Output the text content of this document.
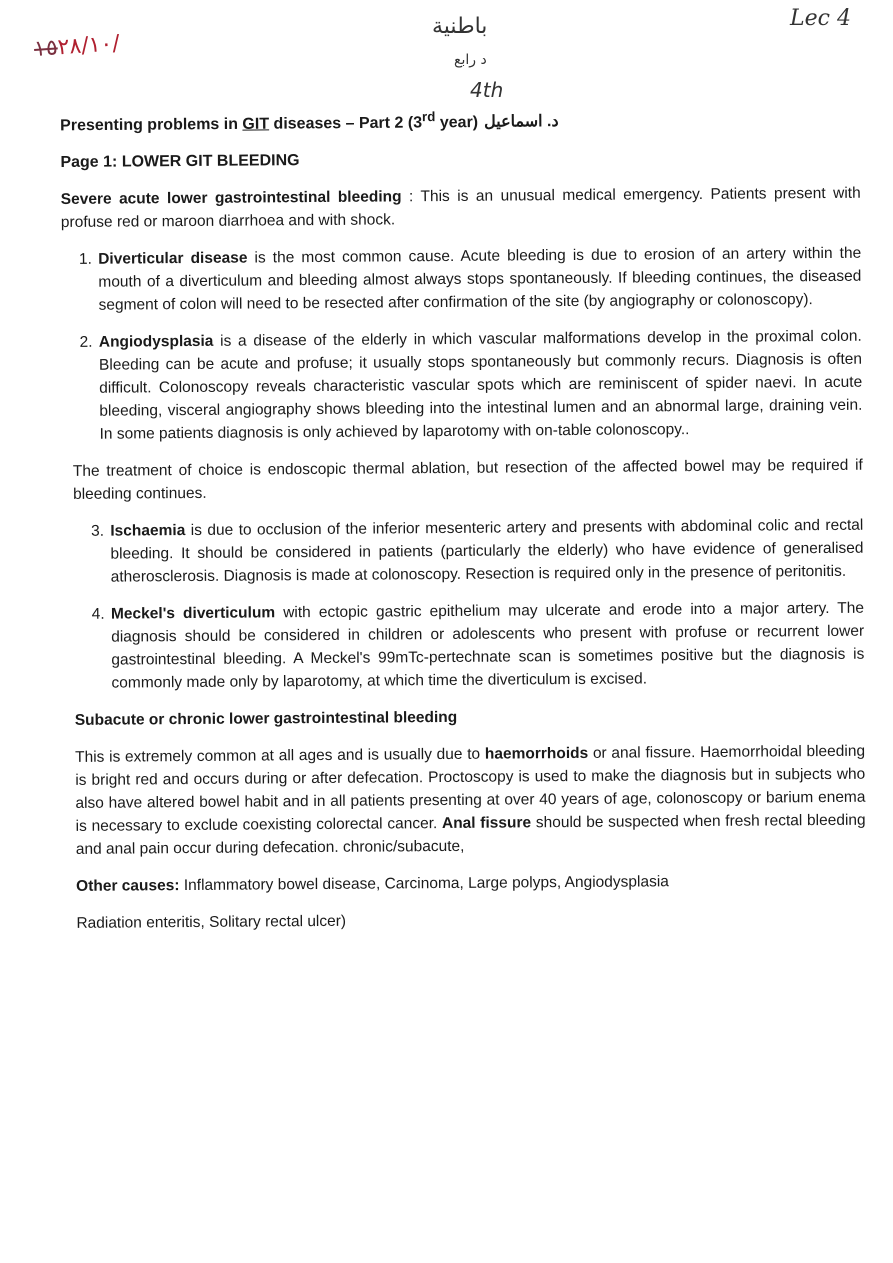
١٥٢٨/١٠/
باطنية
د رابع
4th
Lec 4
Presenting problems in GIT diseases – Part 2 (3rd year) د. اسماعيل
Page 1: LOWER GIT BLEEDING

Severe acute lower gastrointestinal bleeding : This is an unusual medical emergency. Patients present with profuse red or maroon diarrhoea and with shock.

1. Diverticular disease is the most common cause. Acute bleeding is due to erosion of an artery within the mouth of a diverticulum and bleeding almost always stops spontaneously. If bleeding continues, the diseased segment of colon will need to be resected after confirmation of the site (by angiography or colonoscopy).
2. Angiodysplasia is a disease of the elderly in which vascular malformations develop in the proximal colon. Bleeding can be acute and profuse; it usually stops spontaneously but commonly recurs. Diagnosis is often difficult. Colonoscopy reveals characteristic vascular spots which are reminiscent of spider naevi. In acute bleeding, visceral angiography shows bleeding into the intestinal lumen and an abnormal large, draining vein. In some patients diagnosis is only achieved by laparotomy with on-table colonoscopy..

The treatment of choice is endoscopic thermal ablation, but resection of the affected bowel may be required if bleeding continues.

3. Ischaemia is due to occlusion of the inferior mesenteric artery and presents with abdominal colic and rectal bleeding. It should be considered in patients (particularly the elderly) who have evidence of generalised atherosclerosis. Diagnosis is made at colonoscopy. Resection is required only in the presence of peritonitis.
4. Meckel's diverticulum with ectopic gastric epithelium may ulcerate and erode into a major artery. The diagnosis should be considered in children or adolescents who present with profuse or recurrent lower gastrointestinal bleeding. A Meckel's 99mTc-pertechnate scan is sometimes positive but the diagnosis is commonly made only by laparotomy, at which time the diverticulum is excised.
Subacute or chronic lower gastrointestinal bleeding

This is extremely common at all ages and is usually due to haemorrhoids or anal fissure. Haemorrhoidal bleeding is bright red and occurs during or after defecation. Proctoscopy is used to make the diagnosis but in subjects who also have altered bowel habit and in all patients presenting at over 40 years of age, colonoscopy or barium enema is necessary to exclude coexisting colorectal cancer. Anal fissure should be suspected when fresh rectal bleeding and anal pain occur during defecation. chronic/subacute,

Other causes: Inflammatory bowel disease, Carcinoma, Large polyps, Angiodysplasia

Radiation enteritis, Solitary rectal ulcer)
